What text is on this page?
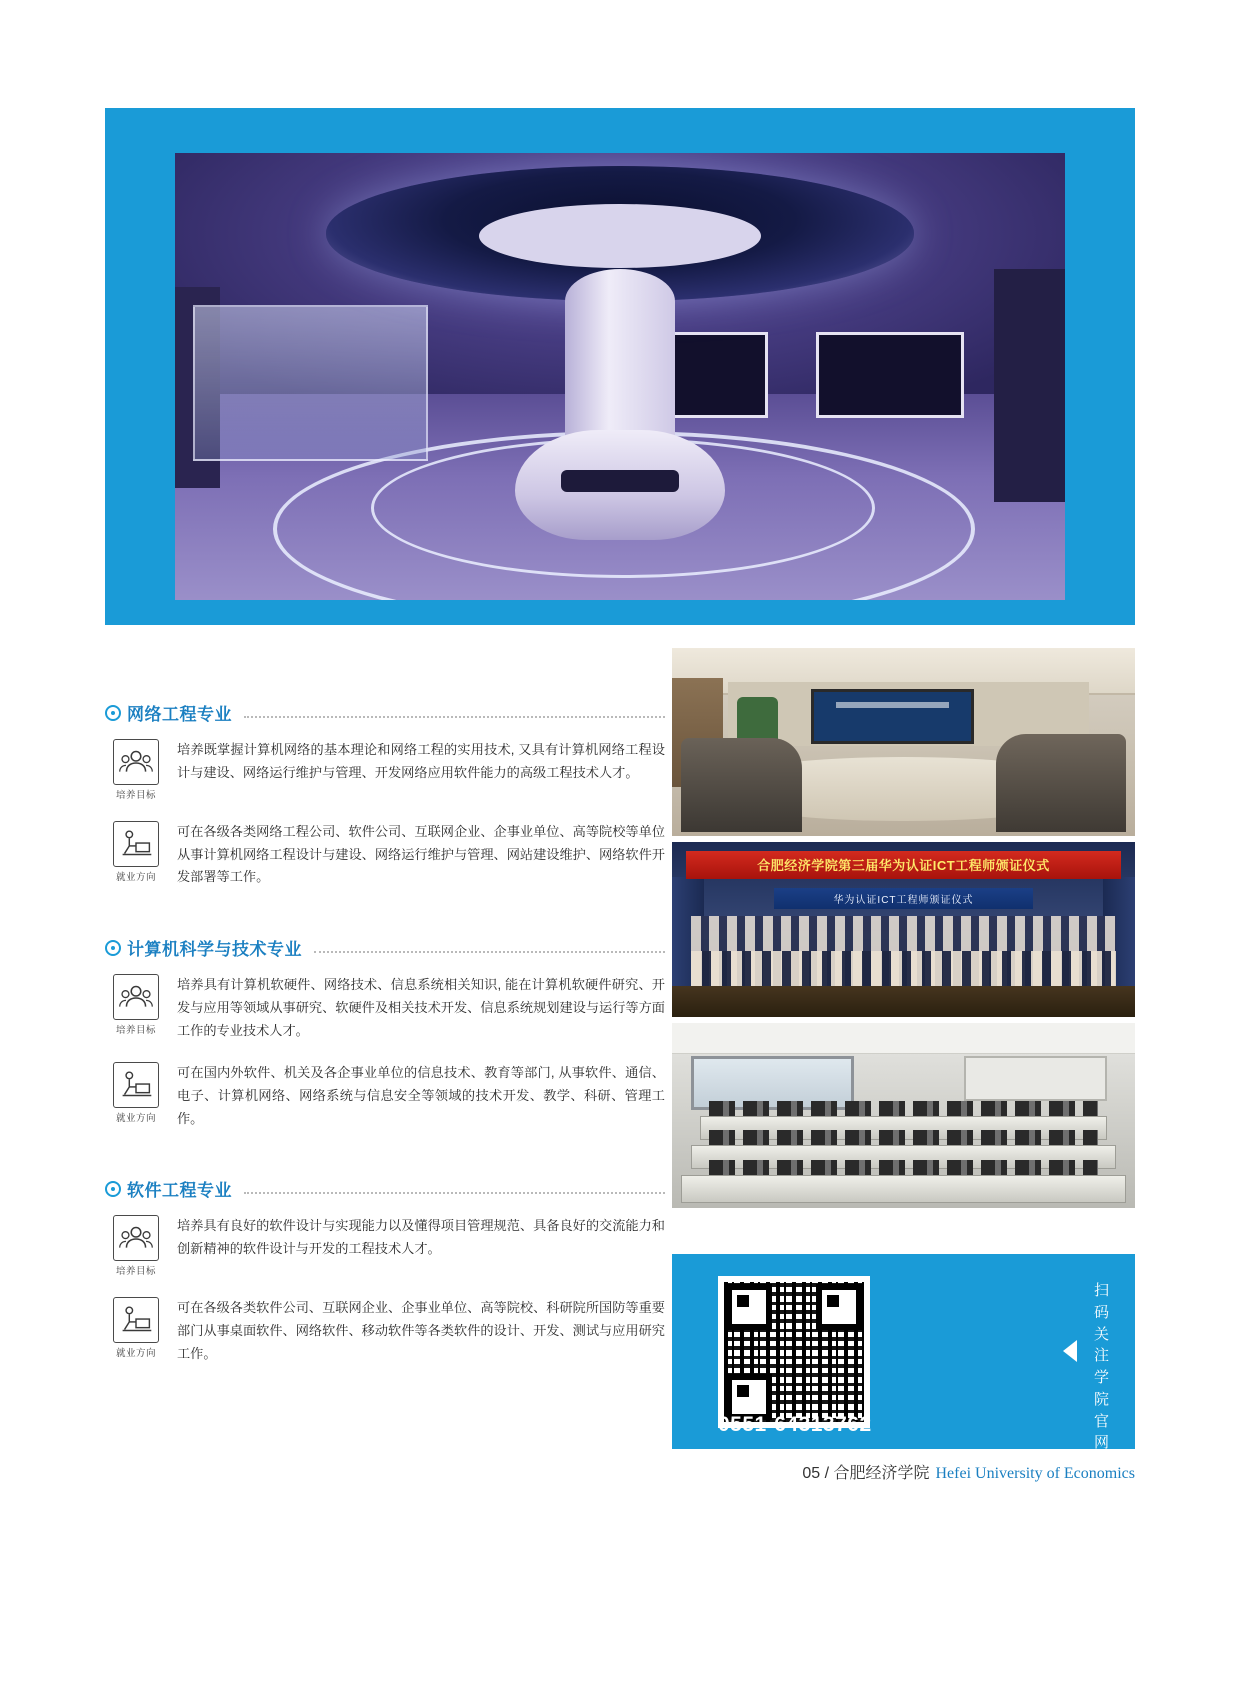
网络工程专业
培养目标
培养既掌握计算机网络的基本理论和网络工程的实用技术, 又具有计算机网络工程设计与建设、网络运行维护与管理、开发网络应用软件能力的高级工程技术人才。
就业方向
可在各级各类网络工程公司、软件公司、互联网企业、企事业单位、高等院校等单位从事计算机网络工程设计与建设、网络运行维护与管理、网站建设维护、网络软件开发部署等工作。
计算机科学与技术专业
培养目标
培养具有计算机软硬件、网络技术、信息系统相关知识, 能在计算机软硬件研究、开发与应用等领域从事研究、软硬件及相关技术开发、信息系统规划建设与运行等方面工作的专业技术人才。
就业方向
可在国内外软件、机关及各企事业单位的信息技术、教育等部门, 从事软件、通信、电子、计算机网络、网络系统与信息安全等领域的技术开发、教学、科研、管理工作。
软件工程专业
培养目标
培养具有良好的软件设计与实现能力以及懂得项目管理规范、具备良好的交流能力和创新精神的软件设计与开发的工程技术人才。
就业方向
可在各级各类软件公司、互联网企业、企事业单位、高等院校、科研院所国防等重要部门从事桌面软件、网络软件、移动软件等各类软件的设计、开发、测试与应用研究工作。
合肥经济学院第三届华为认证ICT工程师颁证仪式
华为认证ICT工程师颁证仪式
扫码关注学院官网
0551-64313762
05 / 合肥经济学院 Hefei University of Economics
